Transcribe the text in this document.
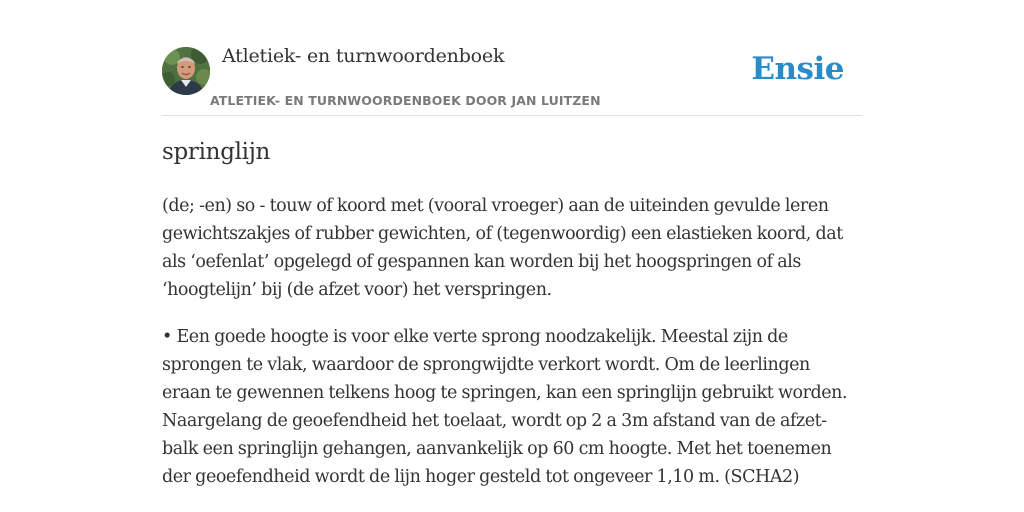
Atletiek- en turnwoordenboek
ATLETIEK- EN TURNWOORDENBOEK DOOR JAN LUITZEN
Ensie
springlijn

(de; -en) so - touw of koord met (vooral vroeger) aan de uiteinden gevulde leren gewichtszakjes of rubber gewichten, of (tegenwoordig) een elastieken koord, dat als ‘oefenlat’ opgelegd of gespannen kan worden bij het hoogspringen of als ‘hoogtelijn’ bij (de afzet voor) het verspringen.

• Een goede hoogte is voor elke verte sprong noodzakelijk. Meestal zijn de sprongen te vlak, waardoor de sprongwijdte verkort wordt. Om de leerlingen eraan te gewennen telkens hoog te springen, kan een springlijn gebruikt worden. Naargelang de geoefendheid het toelaat, wordt op 2 a 3m afstand van de afzet-balk een springlijn gehangen, aanvankelijk op 60 cm hoogte. Met het toenemen der geoefendheid wordt de lijn hoger gesteld tot ongeveer 1,10 m. (SCHA2)
